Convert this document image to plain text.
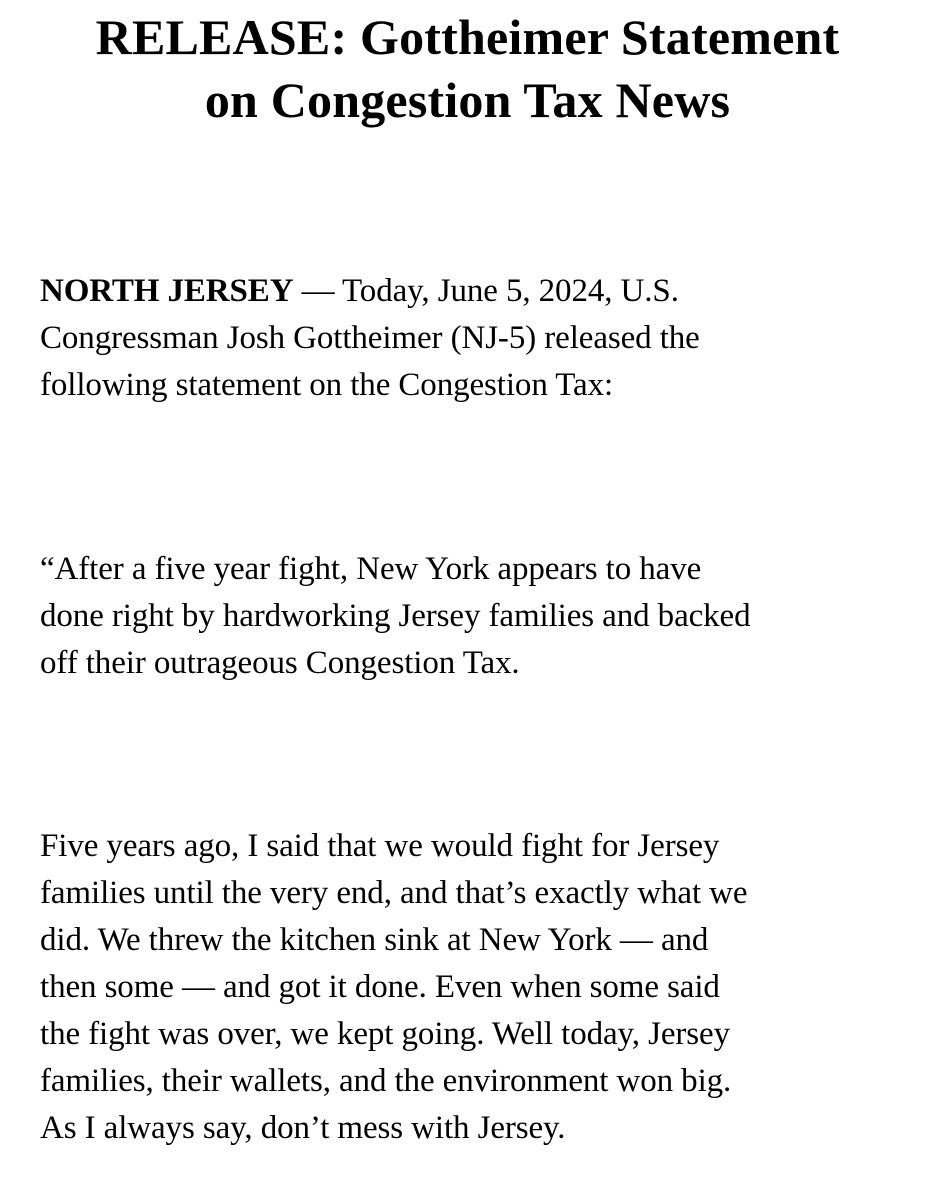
RELEASE: Gottheimer Statement
on Congestion Tax News

NORTH JERSEY — Today, June 5, 2024, U.S.
Congressman Josh Gottheimer (NJ-5) released the
following statement on the Congestion Tax:

“After a five year fight, New York appears to have
done right by hardworking Jersey families and backed
off their outrageous Congestion Tax.

Five years ago, I said that we would fight for Jersey
families until the very end, and that’s exactly what we
did. We threw the kitchen sink at New York — and
then some — and got it done. Even when some said
the fight was over, we kept going. Well today, Jersey
families, their wallets, and the environment won big.
As I always say, don’t mess with Jersey.
